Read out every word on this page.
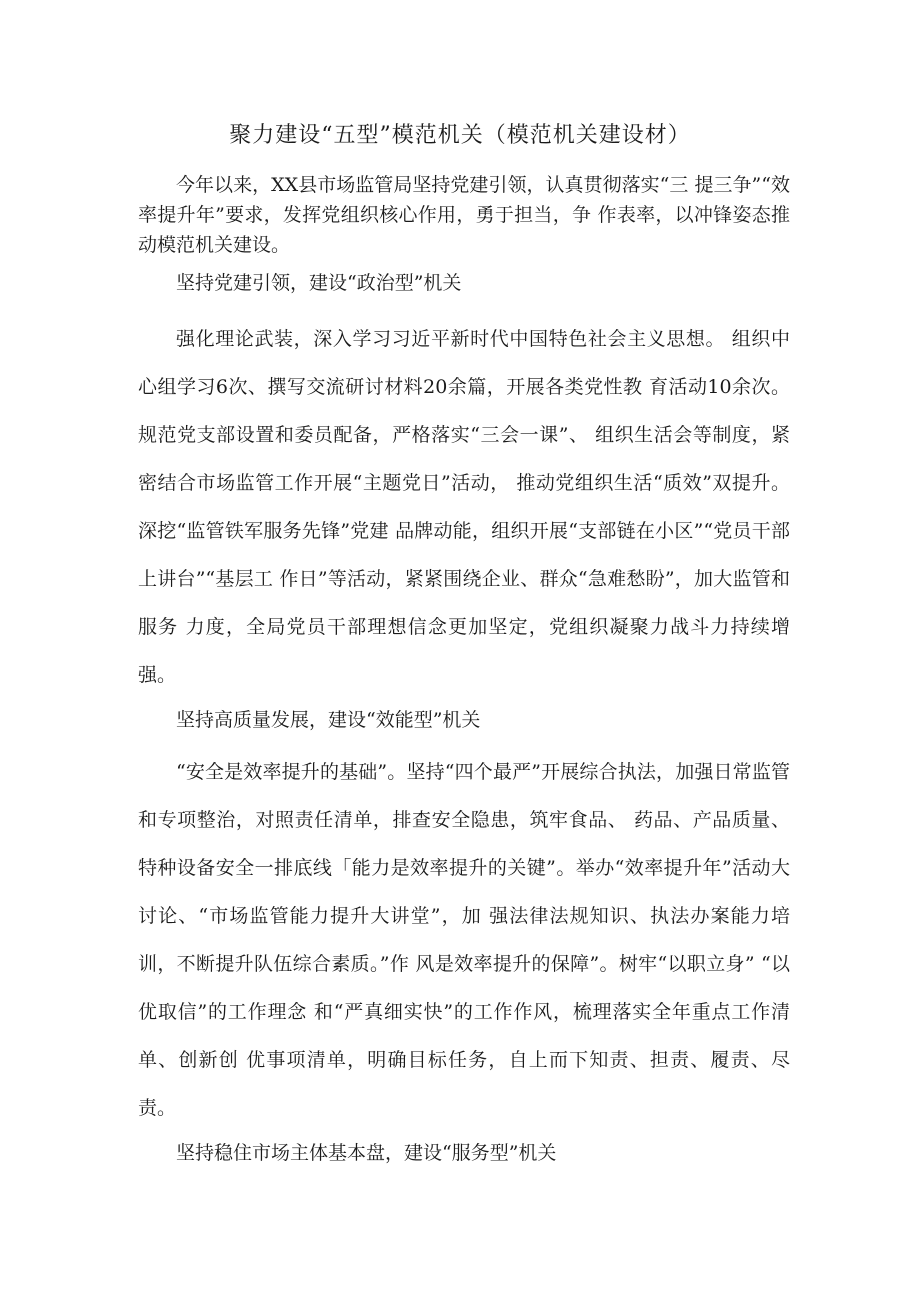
聚力建设“五型”模范机关（模范机关建设材）
今年以来，XX县市场监管局坚持党建引领，认真贯彻落实“三 提三争”“效率提升年”要求，发挥党组织核心作用，勇于担当，争 作表率，以冲锋姿态推动模范机关建设。
坚持党建引领，建设“政治型”机关
强化理论武装，深入学习习近平新时代中国特色社会主义思想。 组织中心组学习6次、撰写交流研讨材料20余篇，开展各类党性教 育活动10余次。规范党支部设置和委员配备，严格落实“三会一课”、 组织生活会等制度，紧密结合市场监管工作开展“主题党日”活动， 推动党组织生活“质效”双提升。深挖“监管铁军服务先锋”党建 品牌动能，组织开展“支部链在小区”“党员干部上讲台”“基层工 作日”等活动，紧紧围绕企业、群众“急难愁盼”，加大监管和服务 力度，全局党员干部理想信念更加坚定，党组织凝聚力战斗力持续增 强。
坚持高质量发展，建设“效能型”机关
“安全是效率提升的基础”。坚持“四个最严”开展综合执法，加强日常监管和专项整治，对照责任清单，排查安全隐患，筑牢食品、 药品、产品质量、特种设备安全一排底线「能力是效率提升的关键”。举办“效率提升年”活动大讨论、“市场监管能力提升大讲堂”，加 强法律法规知识、执法办案能力培训，不断提升队伍综合素质。”作 风是效率提升的保障”。树牢“以职立身” “以优取信”的工作理念 和“严真细实快”的工作作风，梳理落实全年重点工作清单、创新创 优事项清单，明确目标任务，自上而下知责、担责、履责、尽责。
坚持稳住市场主体基本盘，建设“服务型”机关
